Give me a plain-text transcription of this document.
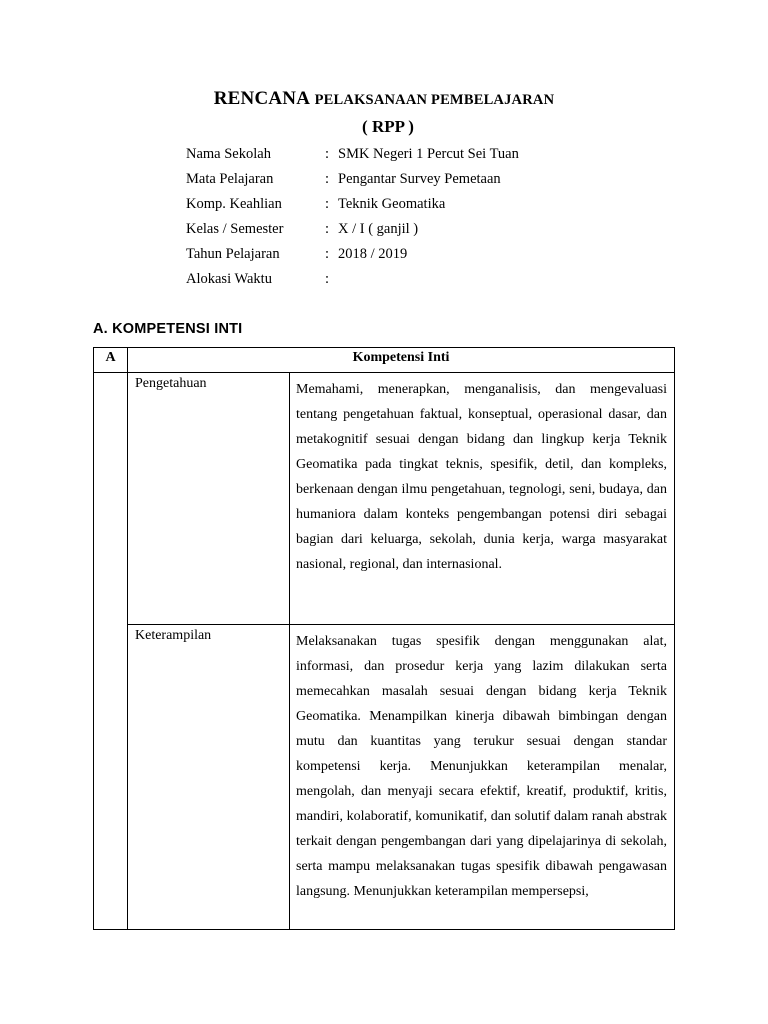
RENCANA PELAKSANAAN PEMBELAJARAN
( RPP )
Nama Sekolah	: SMK Negeri 1 Percut Sei Tuan
Mata Pelajaran	: Pengantar Survey Pemetaan
Komp. Keahlian	: Teknik Geomatika
Kelas / Semester	: X / I ( ganjil )
Tahun Pelajaran	: 2018 / 2019
Alokasi Waktu	:
A. KOMPETENSI INTI
A	Kompetensi Inti	
	Pengetahuan	Memahami, menerapkan, menganalisis, dan mengevaluasi tentang pengetahuan faktual, konseptual, operasional dasar, dan metakognitif sesuai dengan bidang dan lingkup kerja Teknik Geomatika pada tingkat teknis, spesifik, detil, dan kompleks, berkenaan dengan ilmu pengetahuan, tegnologi, seni, budaya, dan humaniora dalam konteks pengembangan potensi diri sebagai bagian dari keluarga, sekolah, dunia kerja, warga masyarakat nasional, regional, dan internasional.

	Keterampilan	Melaksanakan tugas spesifik dengan menggunakan alat, informasi, dan prosedur kerja yang lazim dilakukan serta memecahkan masalah sesuai dengan bidang kerja Teknik Geomatika. Menampilkan kinerja dibawah bimbingan dengan mutu dan kuantitas yang terukur sesuai dengan standar kompetensi kerja. Menunjukkan keterampilan menalar, mengolah, dan menyaji secara efektif, kreatif, produktif, kritis, mandiri, kolaboratif, komunikatif, dan solutif dalam ranah abstrak terkait dengan pengembangan dari yang dipelajarinya di sekolah, serta mampu melaksanakan tugas spesifik dibawah pengawasan langsung. Menunjukkan keterampilan mempersepsi,
